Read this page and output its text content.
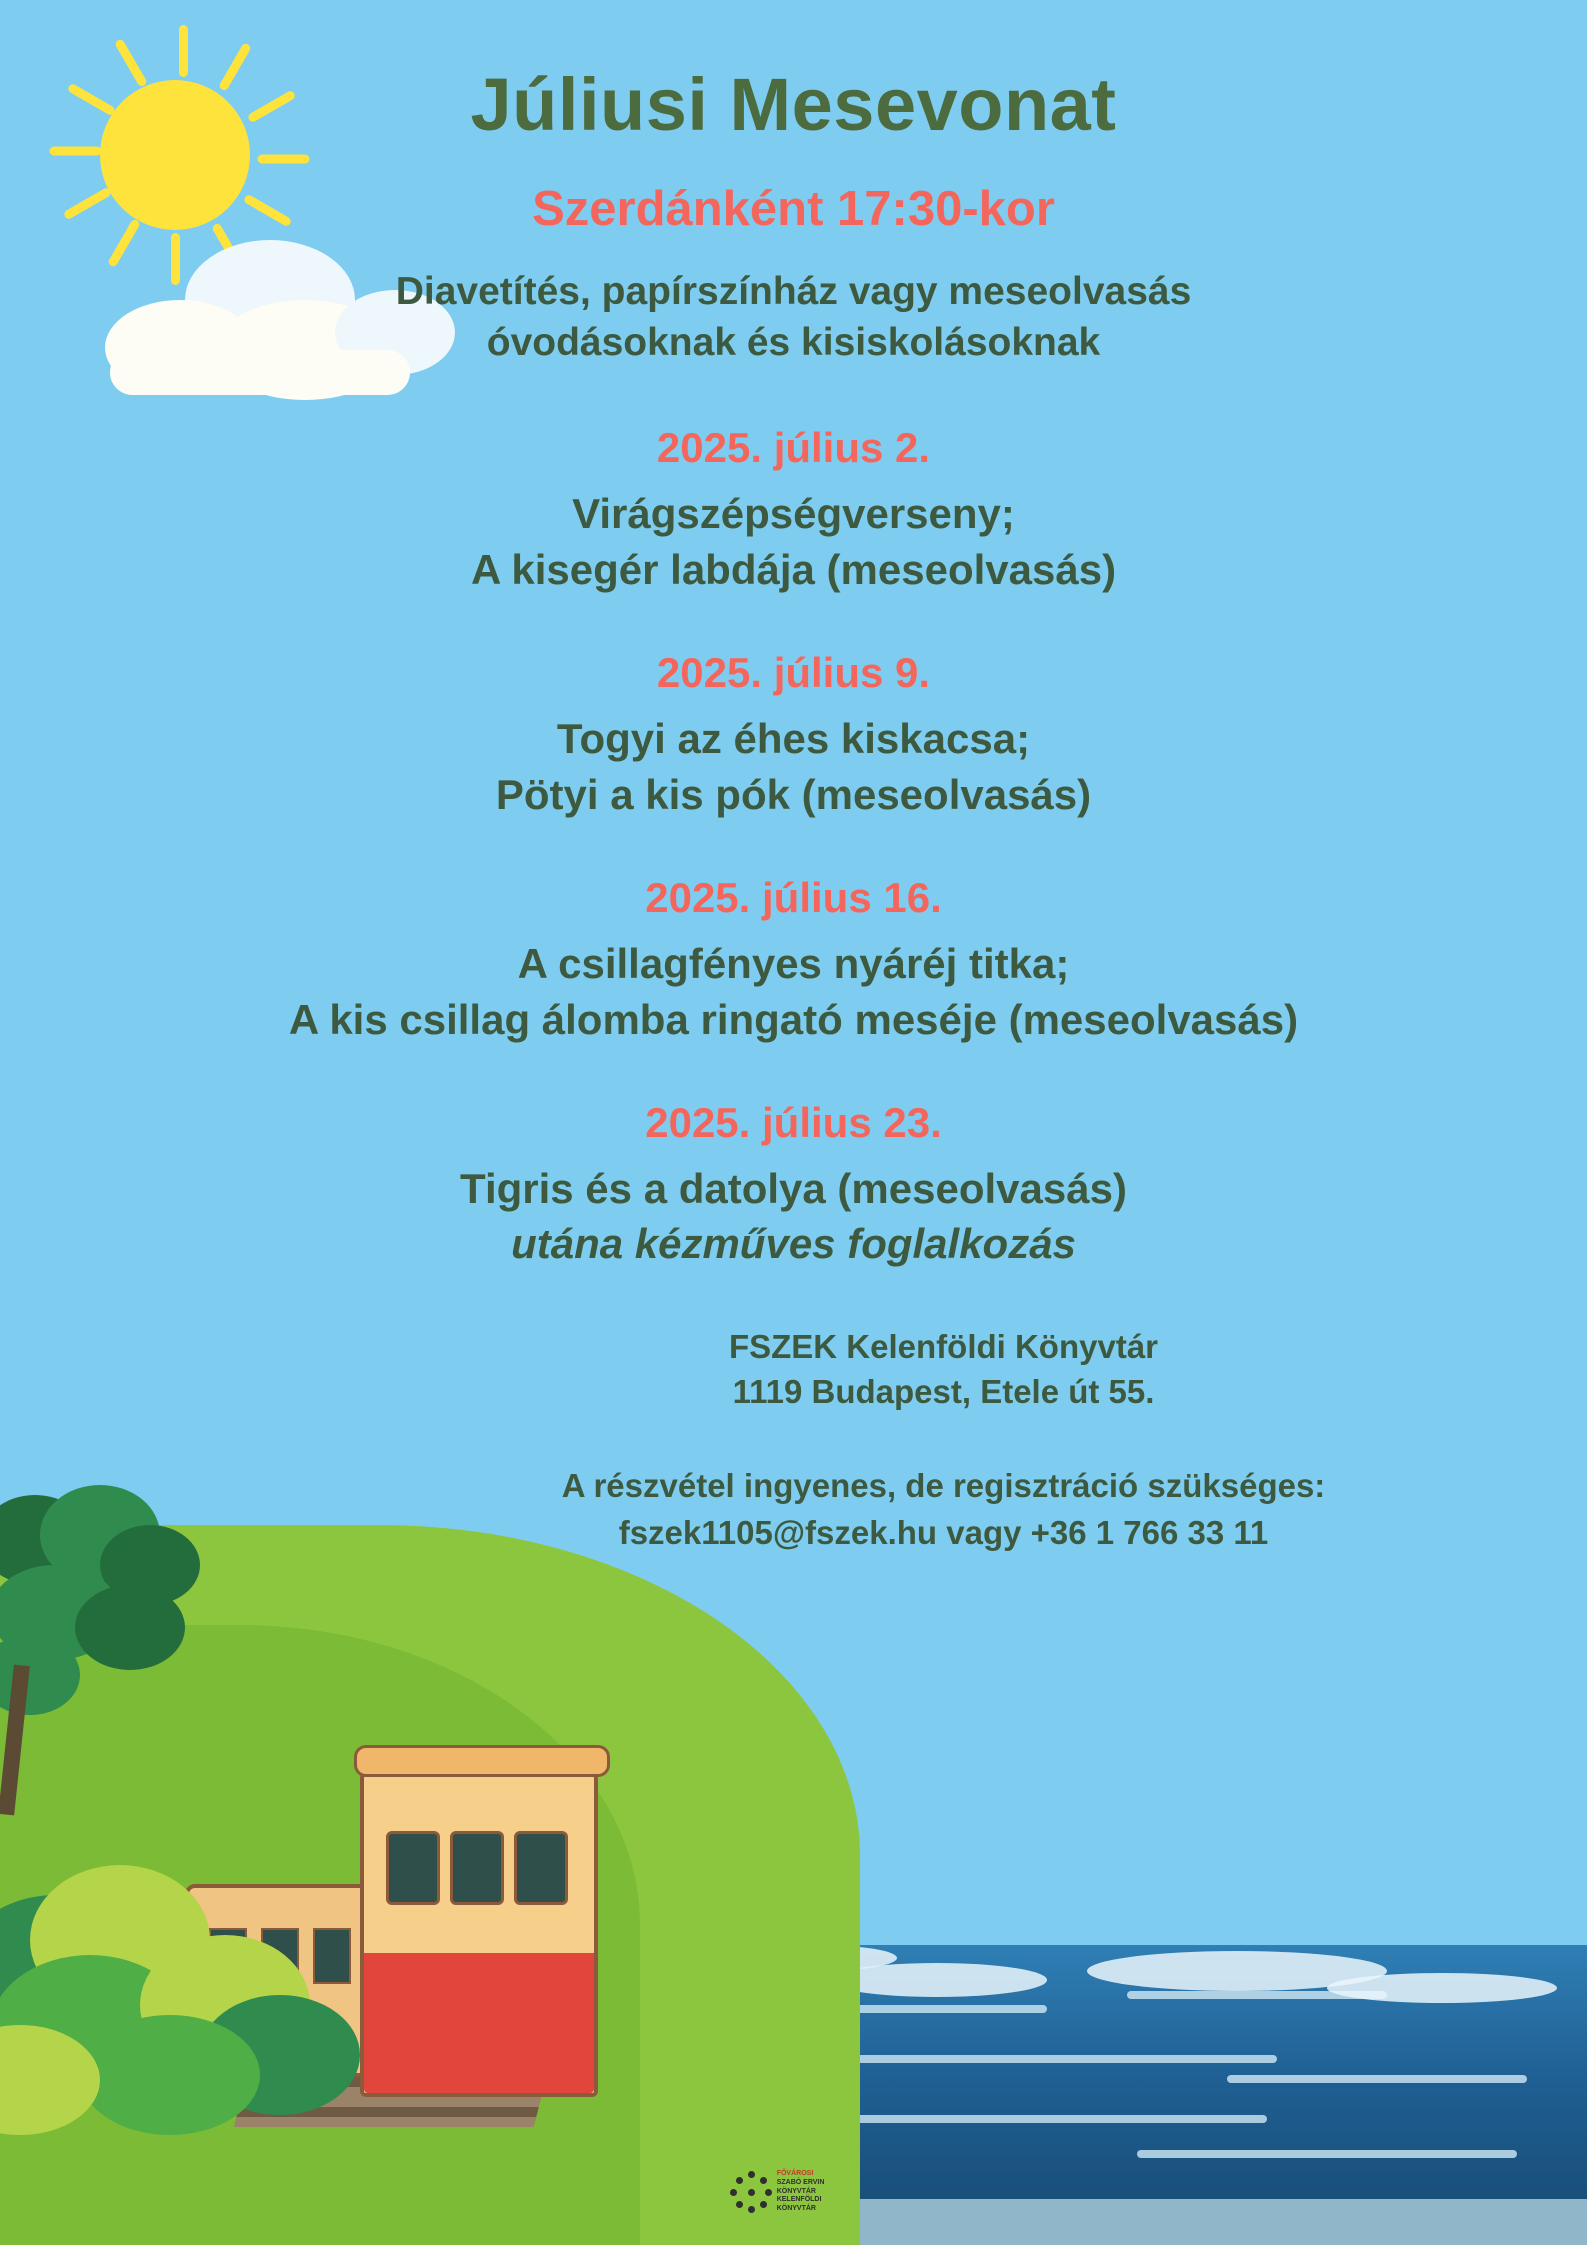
Júliusi Mesevonat
Szerdánként 17:30-kor
Diavetítés, papírszínház vagy meseolvasás
óvodásoknak és kisiskolásoknak
2025. július 2.
Virágszépségverseny;
A kisegér labdája (meseolvasás)
2025. július 9.
Togyi az éhes kiskacsa;
Pötyi a kis pók (meseolvasás)
2025. július 16.
A csillagfényes nyáréj titka;
A kis csillag álomba ringató meséje (meseolvasás)
2025. július 23.
Tigris és a datolya (meseolvasás)
utána kézműves foglalkozás
FSZEK Kelenföldi Könyvtár
1119 Budapest, Etele út 55.
A részvétel ingyenes, de regisztráció szükséges:
fszek1105@fszek.hu vagy +36 1 766 33 11
FŐVÁROSI
SZABÓ ERVIN
KÖNYVTÁR
KELENFÖLDI KÖNYVTÁR
